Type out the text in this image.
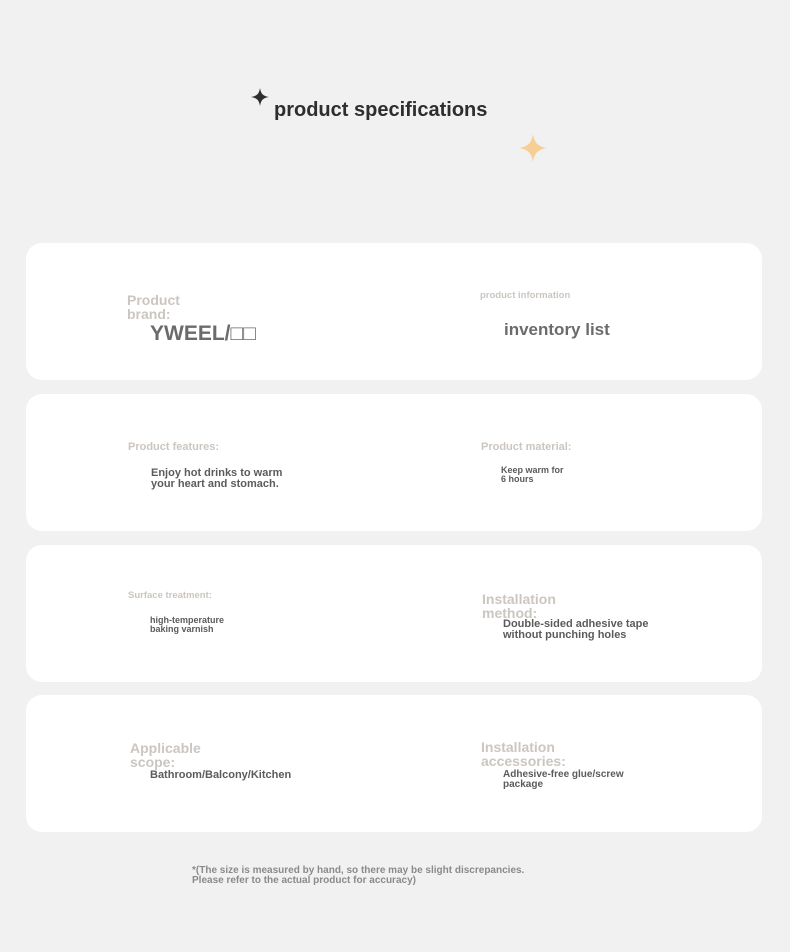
product specifications

Product
brand:

YWEEL/□□

product information

inventory list

Product features:

Enjoy hot drinks to warm
your heart and stomach.

Product material:

Keep warm for
6 hours

Surface treatment:

high-temperature
baking varnish

Installation
method:

Double-sided adhesive tape
without punching holes

Applicable
scope:

Bathroom/Balcony/Kitchen

Installation
accessories:

Adhesive-free glue/screw
package

*(The size is measured by hand, so there may be slight discrepancies.
Please refer to the actual product for accuracy)
